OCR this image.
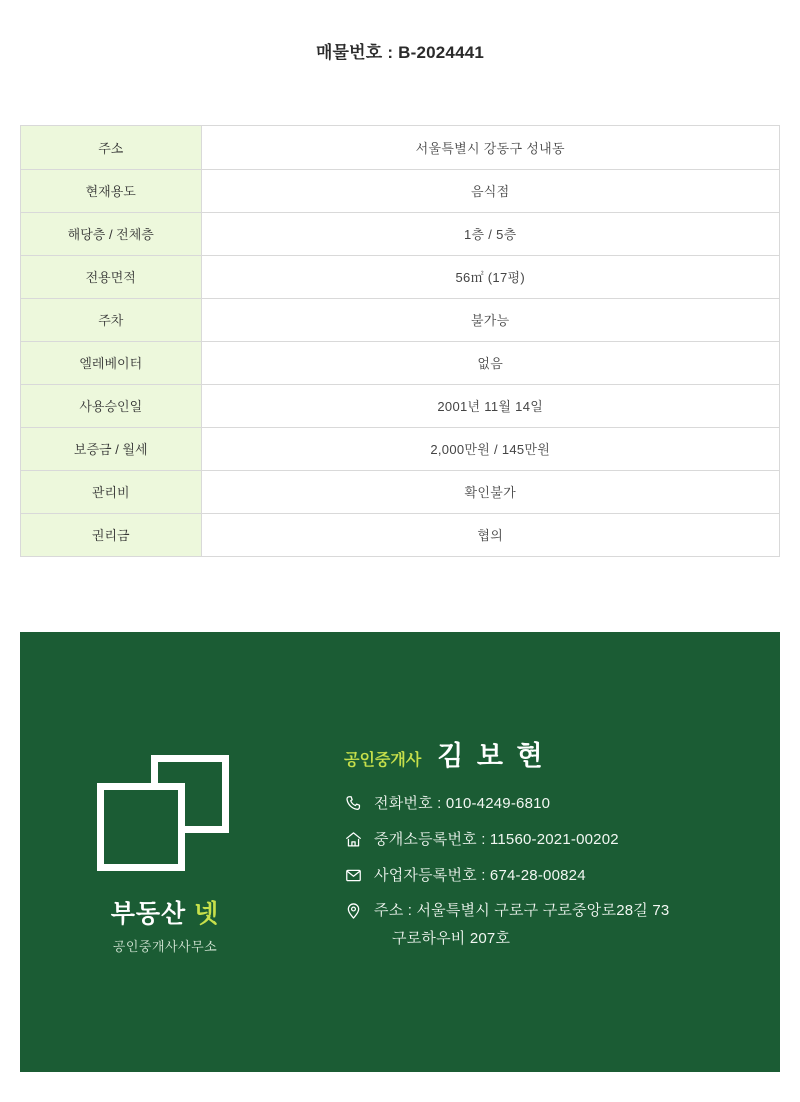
매물번호 : B-2024441
주소	서울특별시 강동구 성내동
현재용도	음식점
해당층 / 전체층	1층 / 5층
전용면적	56㎡ (17평)
주차	불가능
엘레베이터	없음
사용승인일	2001년 11월 14일
보증금 / 월세	2,000만원 / 145만원
관리비	확인불가
권리금	협의
부동산 넷
공인중개사사무소
공인중개사 김 보 현
전화번호 : 010-4249-6810
중개소등록번호 : 11560-2021-00202
사업자등록번호 : 674-28-00824
주소 : 서울특별시 구로구 구로중앙로28길 73
구로하우비 207호
